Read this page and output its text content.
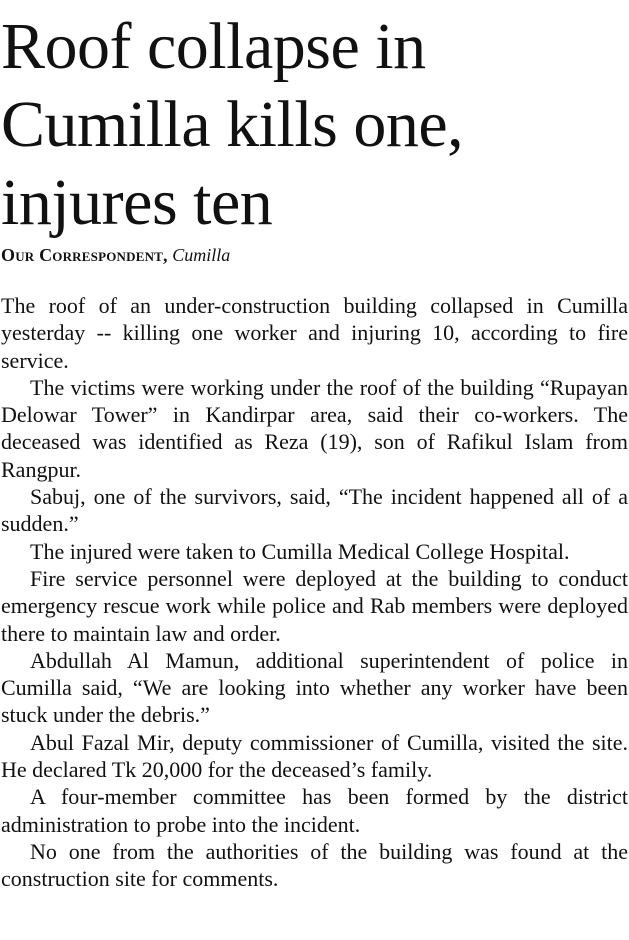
Roof collapse in Cumilla kills one, injures ten
Our Correspondent, Cumilla

The roof of an under-construction building collapsed in Cumilla yesterday -- killing one worker and injuring 10, according to fire service.

The victims were working under the roof of the building “Rupayan Delowar Tower” in Kandirpar area, said their co-workers. The deceased was identified as Reza (19), son of Rafikul Islam from Rangpur.

Sabuj, one of the survivors, said, “The incident happened all of a sudden.”

The injured were taken to Cumilla Medical College Hospital.

Fire service personnel were deployed at the building to conduct emergency rescue work while police and Rab members were deployed there to maintain law and order.

Abdullah Al Mamun, additional superintendent of police in Cumilla said, “We are looking into whether any worker have been stuck under the debris.”

Abul Fazal Mir, deputy commissioner of Cumilla, visited the site. He declared Tk 20,000 for the deceased’s family.

A four-member committee has been formed by the district administration to probe into the incident.

No one from the authorities of the building was found at the construction site for comments.
